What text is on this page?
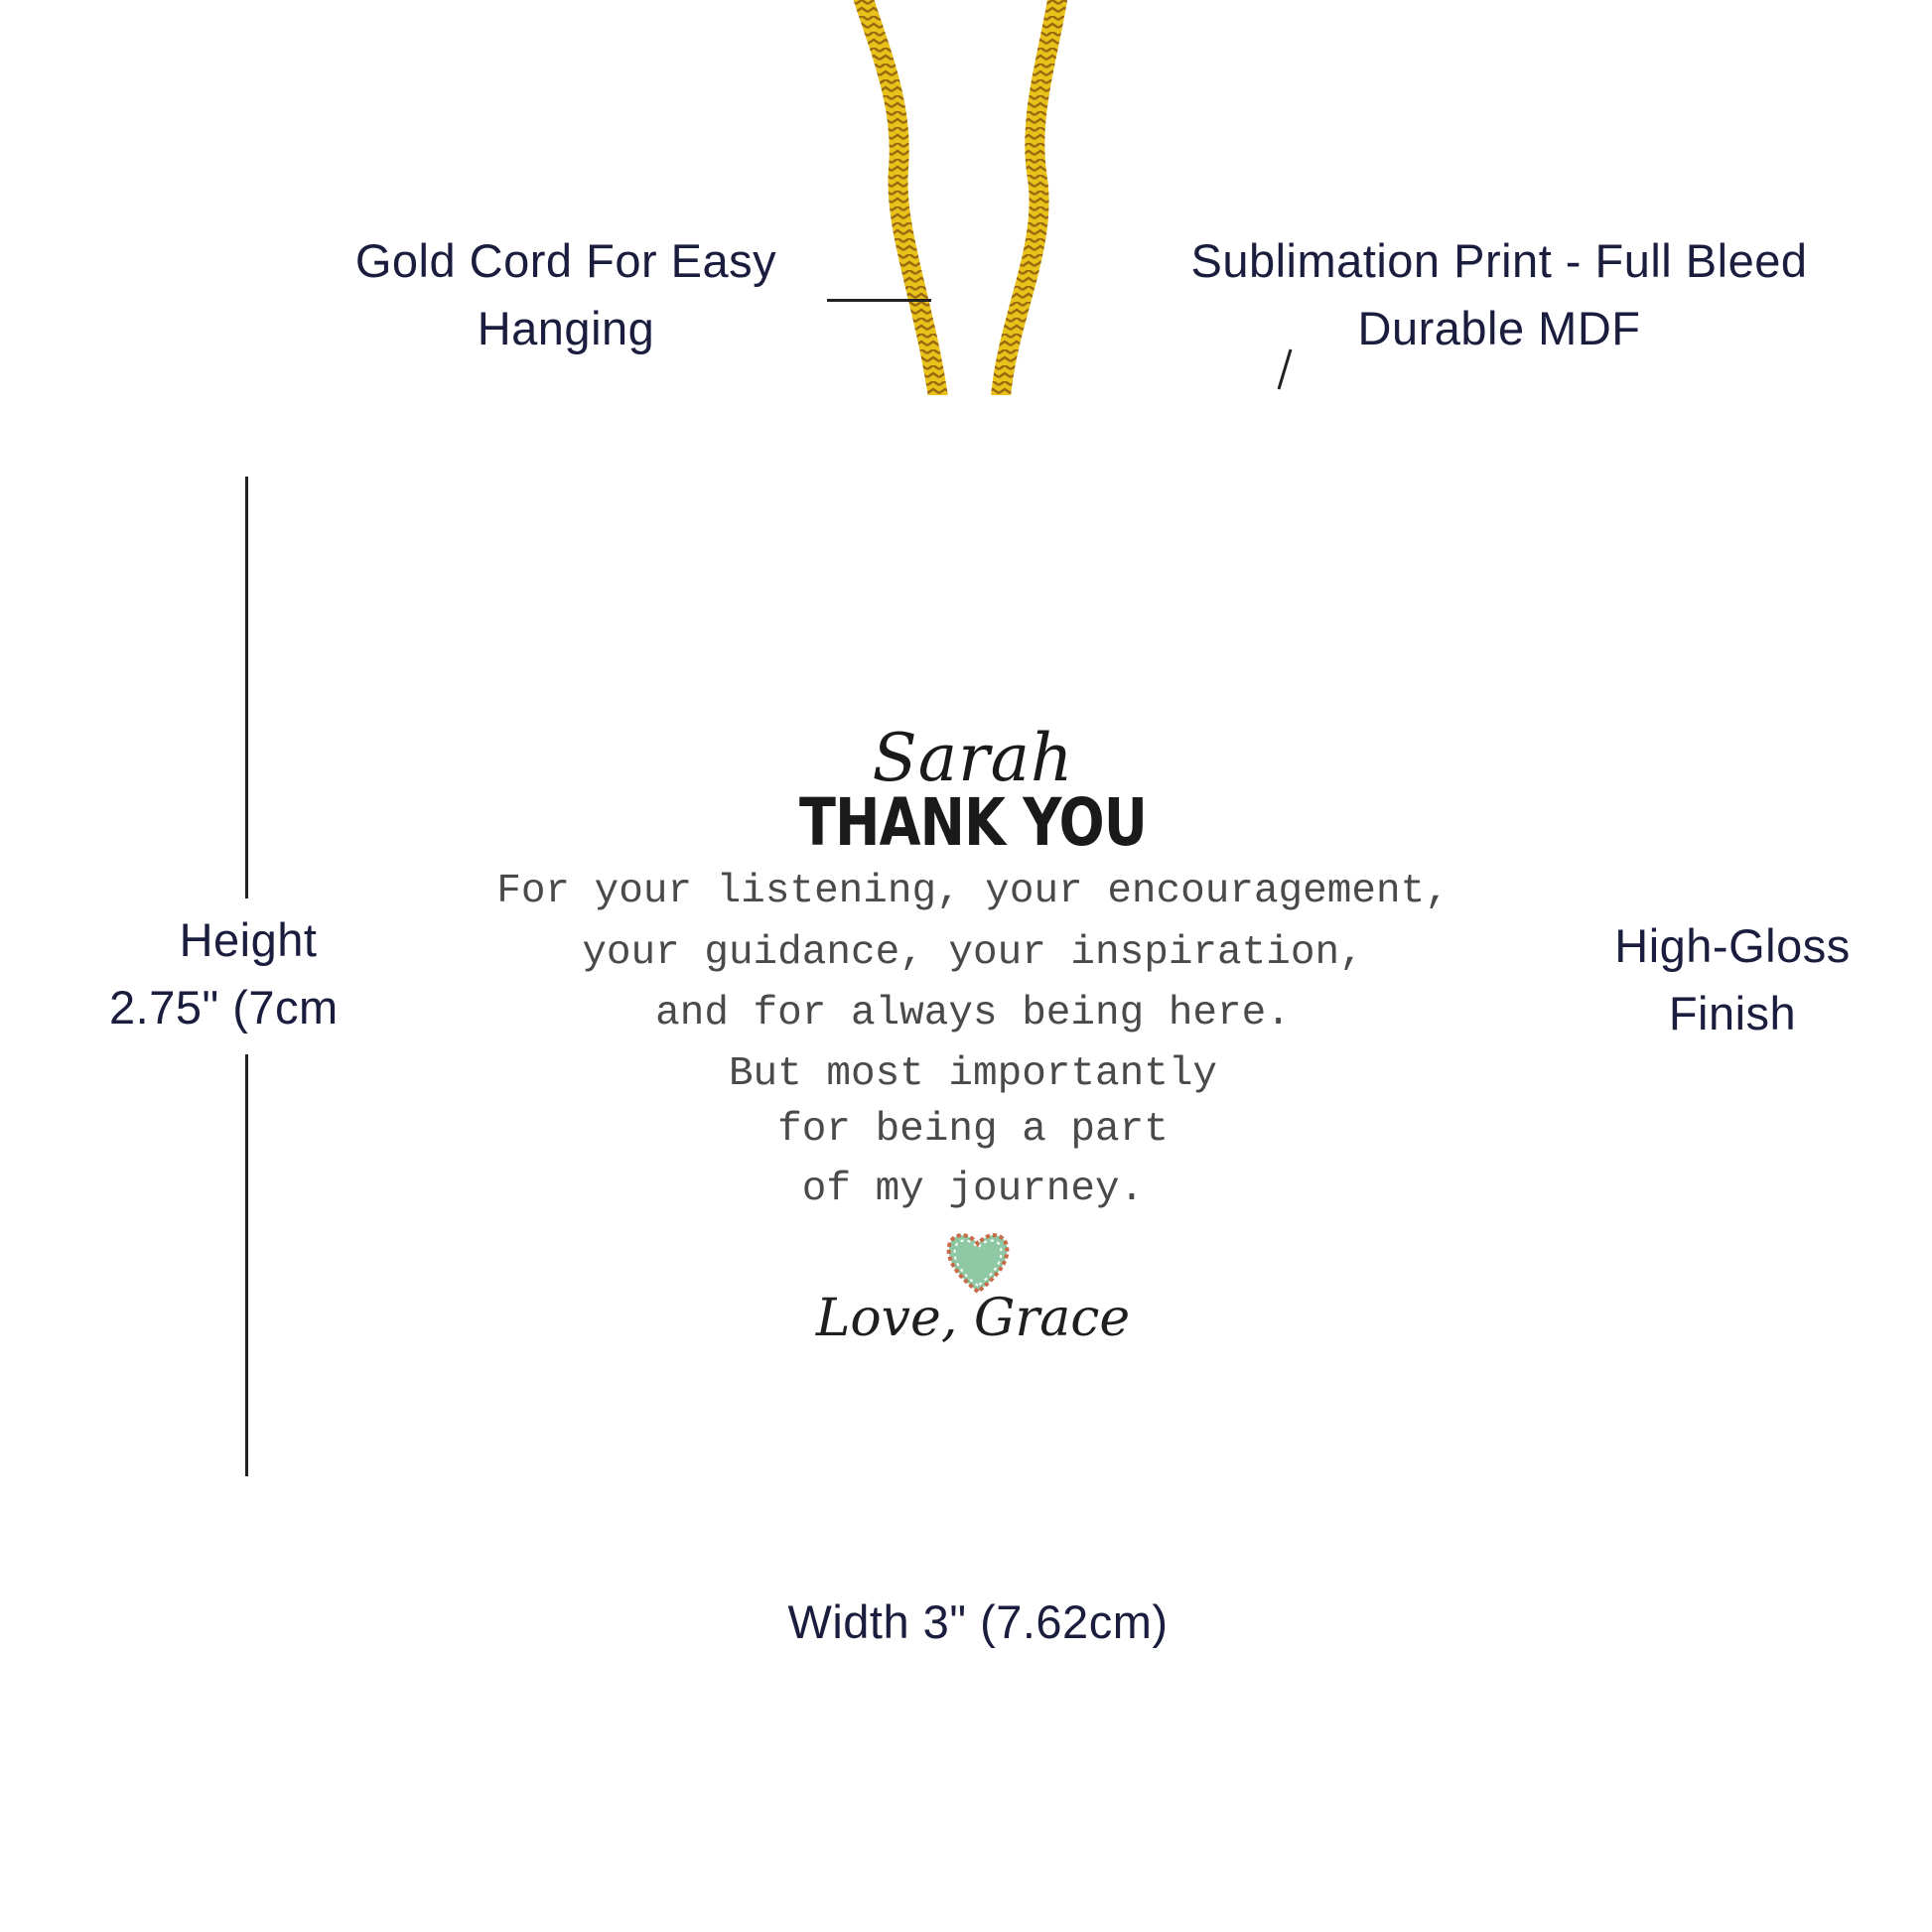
Gold Cord For Easy
Hanging
Sublimation Print - Full Bleed
Durable MDF
Height
2.75" (7cm
High-Gloss
Finish
Width 3" (7.62cm)
Sarah
THANK YOU
For your listening, your encouragement,
your guidance, your inspiration,
and for always being here.
But most importantly
for being a part
of my journey.
Love, Grace
